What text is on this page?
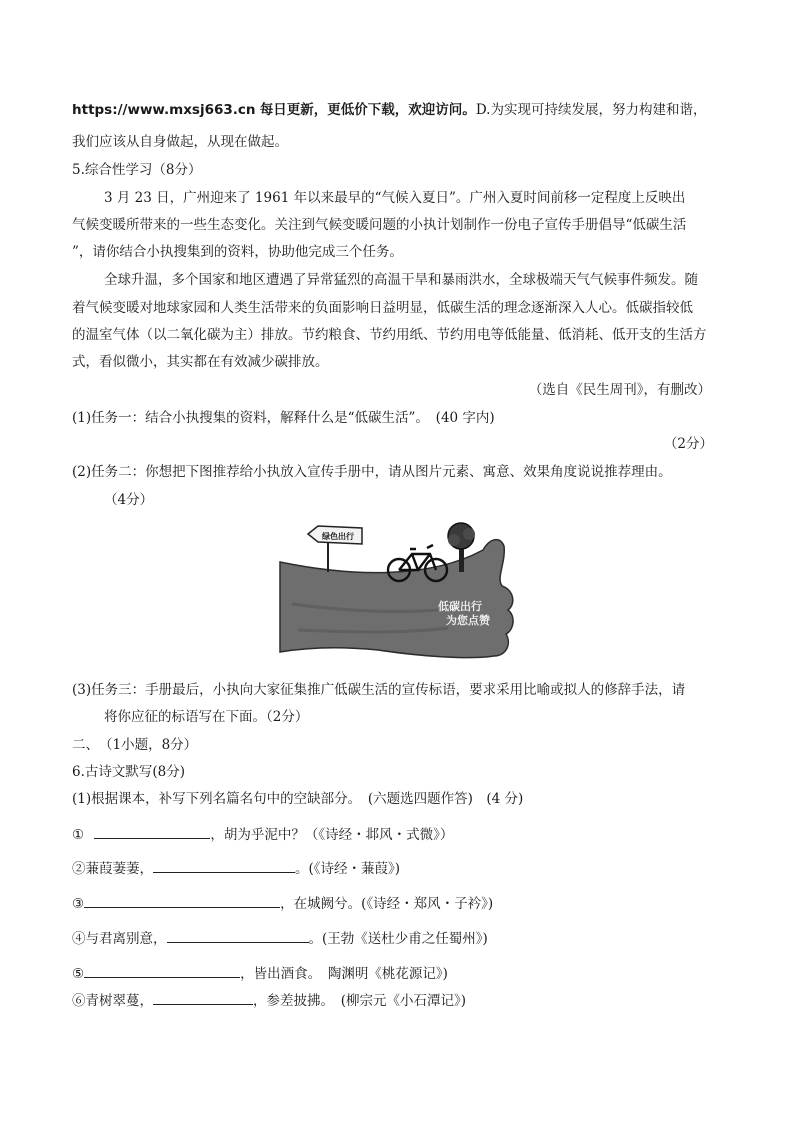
https://www.mxsj663.cn 每日更新，更低价下载，欢迎访问。D.为实现可持续发展，努力构建和谐，
我们应该从自身做起，从现在做起。
5.综合性学习（8分）
3 月 23 日，广州迎来了 1961 年以来最早的“气候入夏日”。广州入夏时间前移一定程度上反映出
气候变暖所带来的一些生态变化。关注到气候变暖问题的小执计划制作一份电子宣传手册倡导“低碳生活
”，请你结合小执搜集到的资料，协助他完成三个任务。
全球升温，多个国家和地区遭遇了异常猛烈的高温干旱和暴雨洪水，全球极端天气气候事件频发。随
着气候变暖对地球家园和人类生活带来的负面影响日益明显，低碳生活的理念逐渐深入人心。低碳指较低
的温室气体（以二氧化碳为主）排放。节约粮食、节约用纸、节约用电等低能量、低消耗、低开支的生活方
式，看似微小，其实都在有效减少碳排放。
（选自《民生周刊》，有删改）
(1)任务一：结合小执搜集的资料，解释什么是“低碳生活”。　(40 字内)
（2分）
(2)任务二：你想把下图推荐给小执放入宣传手册中，请从图片元素、寓意、效果角度说说推荐理由。
（4分）
绿色出行
低碳出行
为您点赞
(3)任务三：手册最后，小执向大家征集推广低碳生活的宣传标语，要求采用比喻或拟人的修辞手法，请
将你应征的标语写在下面。（2分）
二、　（1小题，8分）
6.古诗文默写(8分)
(1)根据课本，补写下列名篇名句中的空缺部分。　(六题选四题作答)　(4 分)
①	，胡为乎泥中？（《诗经・邶风・式微》）
②蒹葭萋萋，	。(《诗经・蒹葭》)
③	，在城阙兮。(《诗经・郑风・子衿》)
④与君离别意，	。(王勃《送杜少甫之任蜀州》)
⑤	，皆出酒食。　陶渊明《桃花源记》)
⑥青树翠蔓，	，参差披拂。　(柳宗元《小石潭记》)
